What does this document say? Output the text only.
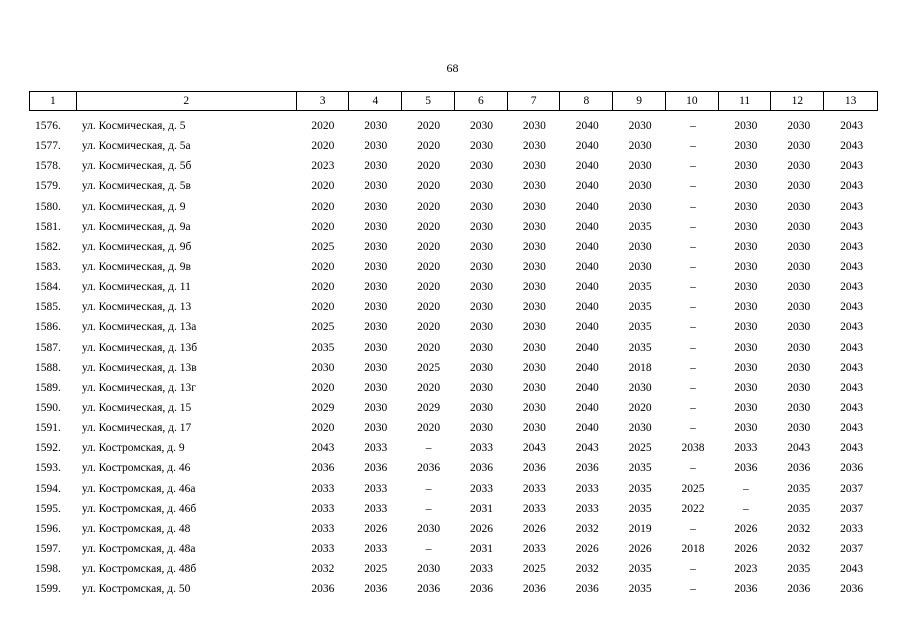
68
1	2	3	4	5	6	7	8	9	10	11	12	13
1576.	ул. Космическая, д. 5	2020	2030	2020	2030	2030	2040	2030	–	2030	2030	2043
1577.	ул. Космическая, д. 5а	2020	2030	2020	2030	2030	2040	2030	–	2030	2030	2043
1578.	ул. Космическая, д. 5б	2023	2030	2020	2030	2030	2040	2030	–	2030	2030	2043
1579.	ул. Космическая, д. 5в	2020	2030	2020	2030	2030	2040	2030	–	2030	2030	2043
1580.	ул. Космическая, д. 9	2020	2030	2020	2030	2030	2040	2030	–	2030	2030	2043
1581.	ул. Космическая, д. 9а	2020	2030	2020	2030	2030	2040	2035	–	2030	2030	2043
1582.	ул. Космическая, д. 9б	2025	2030	2020	2030	2030	2040	2030	–	2030	2030	2043
1583.	ул. Космическая, д. 9в	2020	2030	2020	2030	2030	2040	2030	–	2030	2030	2043
1584.	ул. Космическая, д. 11	2020	2030	2020	2030	2030	2040	2035	–	2030	2030	2043
1585.	ул. Космическая, д. 13	2020	2030	2020	2030	2030	2040	2035	–	2030	2030	2043
1586.	ул. Космическая, д. 13а	2025	2030	2020	2030	2030	2040	2035	–	2030	2030	2043
1587.	ул. Космическая, д. 13б	2035	2030	2020	2030	2030	2040	2035	–	2030	2030	2043
1588.	ул. Космическая, д. 13в	2030	2030	2025	2030	2030	2040	2018	–	2030	2030	2043
1589.	ул. Космическая, д. 13г	2020	2030	2020	2030	2030	2040	2030	–	2030	2030	2043
1590.	ул. Космическая, д. 15	2029	2030	2029	2030	2030	2040	2020	–	2030	2030	2043
1591.	ул. Космическая, д. 17	2020	2030	2020	2030	2030	2040	2030	–	2030	2030	2043
1592.	ул. Костромская, д. 9	2043	2033	–	2033	2043	2043	2025	2038	2033	2043	2043
1593.	ул. Костромская, д. 46	2036	2036	2036	2036	2036	2036	2035	–	2036	2036	2036
1594.	ул. Костромская, д. 46а	2033	2033	–	2033	2033	2033	2035	2025	–	2035	2037
1595.	ул. Костромская, д. 46б	2033	2033	–	2031	2033	2033	2035	2022	–	2035	2037
1596.	ул. Костромская, д. 48	2033	2026	2030	2026	2026	2032	2019	–	2026	2032	2033
1597.	ул. Костромская, д. 48а	2033	2033	–	2031	2033	2026	2026	2018	2026	2032	2037
1598.	ул. Костромская, д. 48б	2032	2025	2030	2033	2025	2032	2035	–	2023	2035	2043
1599.	ул. Костромская, д. 50	2036	2036	2036	2036	2036	2036	2035	–	2036	2036	2036
